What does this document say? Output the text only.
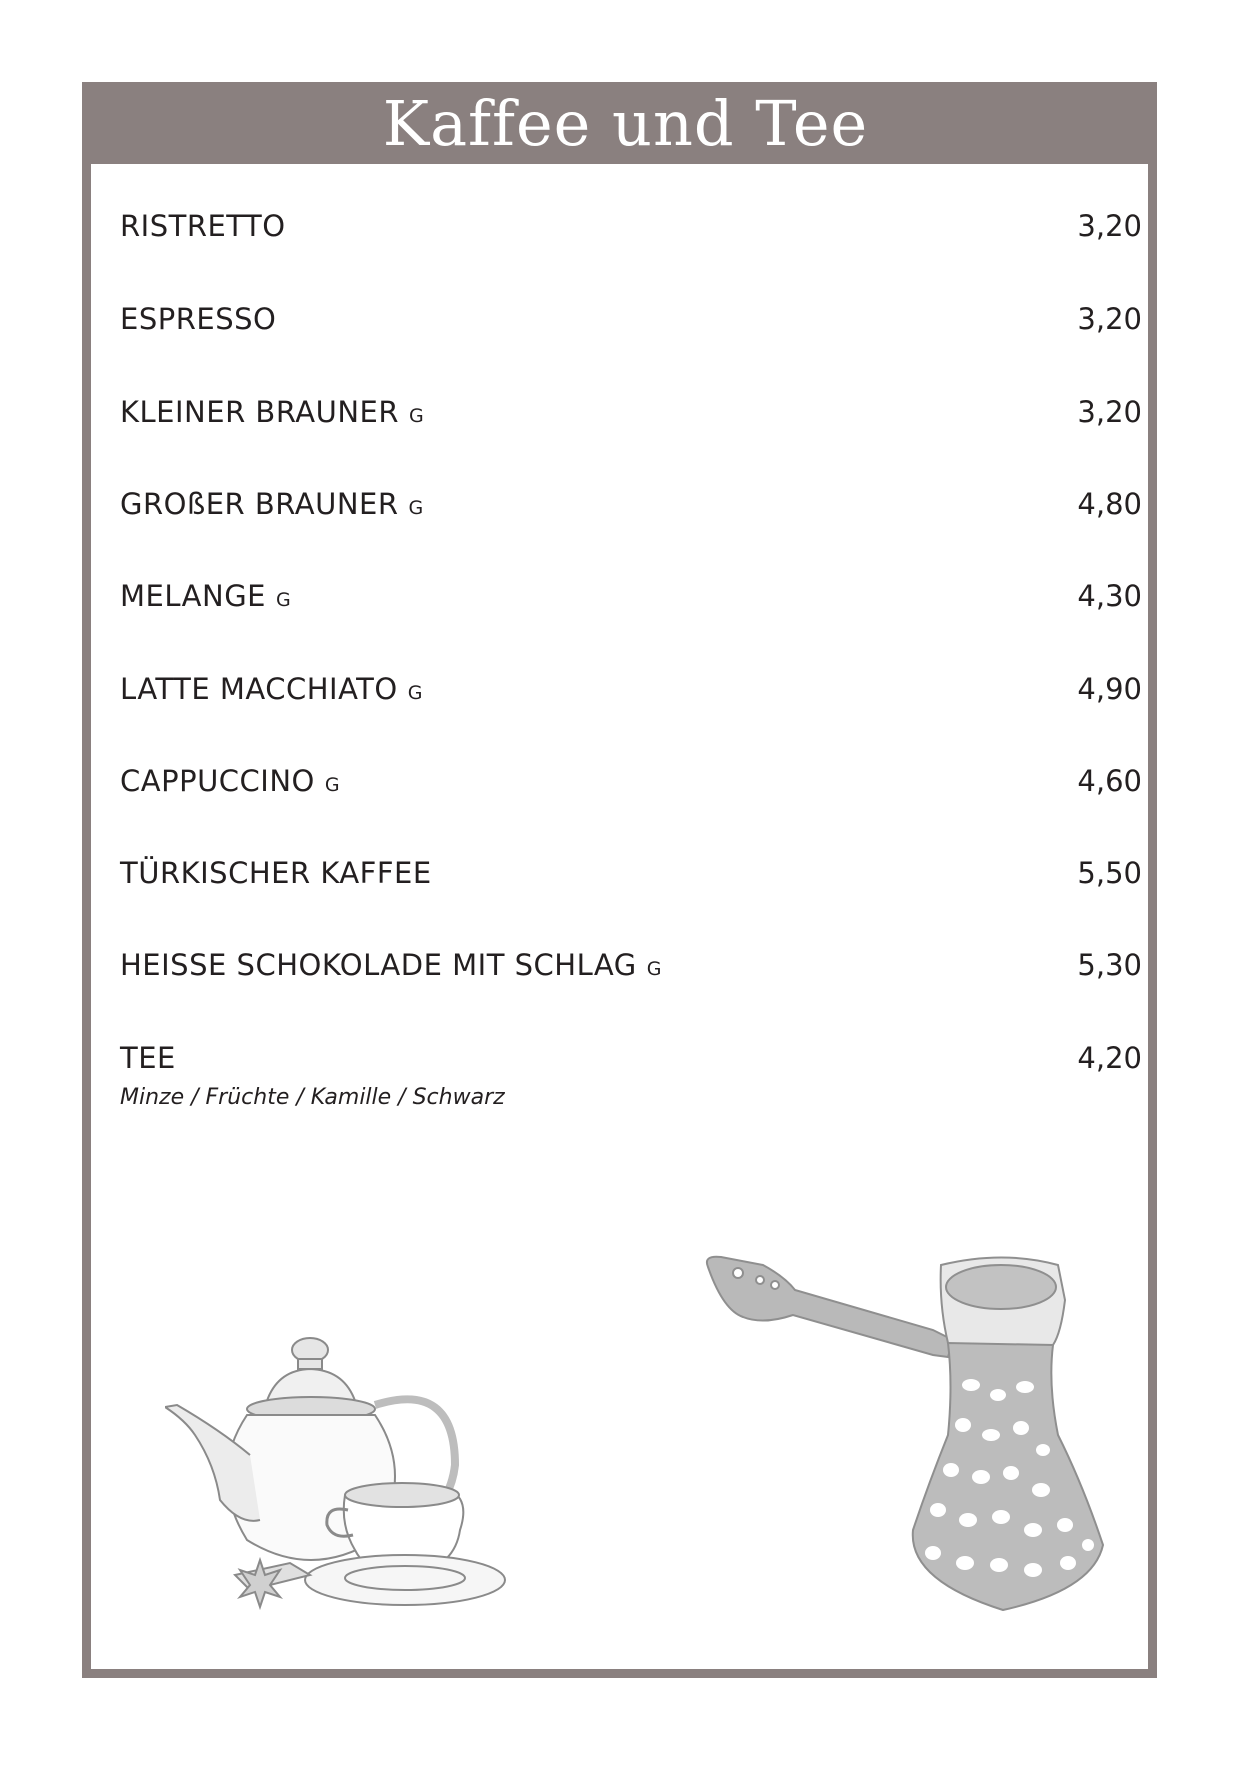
Kaffee und Tee
RISTRETTO	3,20
ESPRESSO	3,20
KLEINER BRAUNER G	3,20
GROßER BRAUNER G	4,80
MELANGE G	4,30
LATTE MACCHIATO G	4,90
CAPPUCCINO G	4,60
TÜRKISCHER KAFFEE	5,50
HEISSE SCHOKOLADE MIT SCHLAG G	5,30
TEE	4,20
Minze / Früchte / Kamille / Schwarz
